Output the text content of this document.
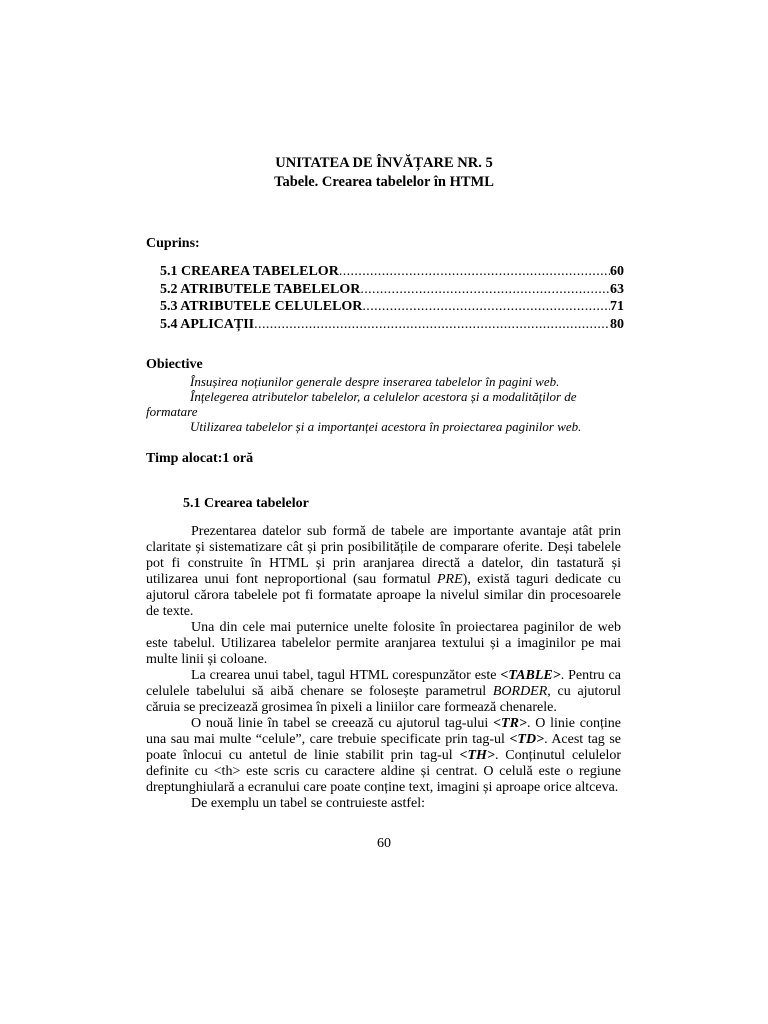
UNITATEA DE ÎNVĂȚARE NR. 5
Tabele. Crearea tabelelor în HTML
Cuprins:
5.1 CREAREA TABELELOR .....	60
5.2 ATRIBUTELE TABELELOR .....	63
5.3 ATRIBUTELE CELULELOR .....	71
5.4 APLICAȚII .....	80
Obiective
Însușirea noțiunilor generale despre inserarea tabelelor în pagini web.
Înțelegerea atributelor tabelelor, a celulelor acestora și a modalităților de
formatare
Utilizarea tabelelor și a importanței acestora în proiectarea paginilor web.
Timp alocat:1 oră
5.1 Crearea tabelelor

Prezentarea datelor sub formă de tabele are importante avantaje atât prin claritate și sistematizare cât și prin posibilitățile de comparare oferite. Deși tabelele pot fi construite în HTML și prin aranjarea directă a datelor, din tastatură și utilizarea unui font neproportional (sau formatul PRE), există taguri dedicate cu ajutorul cărora tabelele pot fi formatate aproape la nivelul similar din procesoarele de texte.

Una din cele mai puternice unelte folosite în proiectarea paginilor de web este tabelul. Utilizarea tabelelor permite aranjarea textului și a imaginilor pe mai multe linii și coloane.

La crearea unui tabel, tagul HTML corespunzător este <TABLE>. Pentru ca celulele tabelului să aibă chenare se folosește parametrul BORDER, cu ajutorul căruia se precizează grosimea în pixeli a liniilor care formează chenarele.

O nouă linie în tabel se creează cu ajutorul tag-ului <TR>. O linie conține una sau mai multe “celule”, care trebuie specificate prin tag-ul <TD>. Acest tag se poate înlocui cu antetul de linie stabilit prin tag-ul <TH>. Conținutul celulelor definite cu <th> este scris cu caractere aldine și centrat. O celulă este o regiune dreptunghiulară a ecranului care poate conține text, imagini și aproape orice altceva.

De exemplu un tabel se contruieste astfel:

60
